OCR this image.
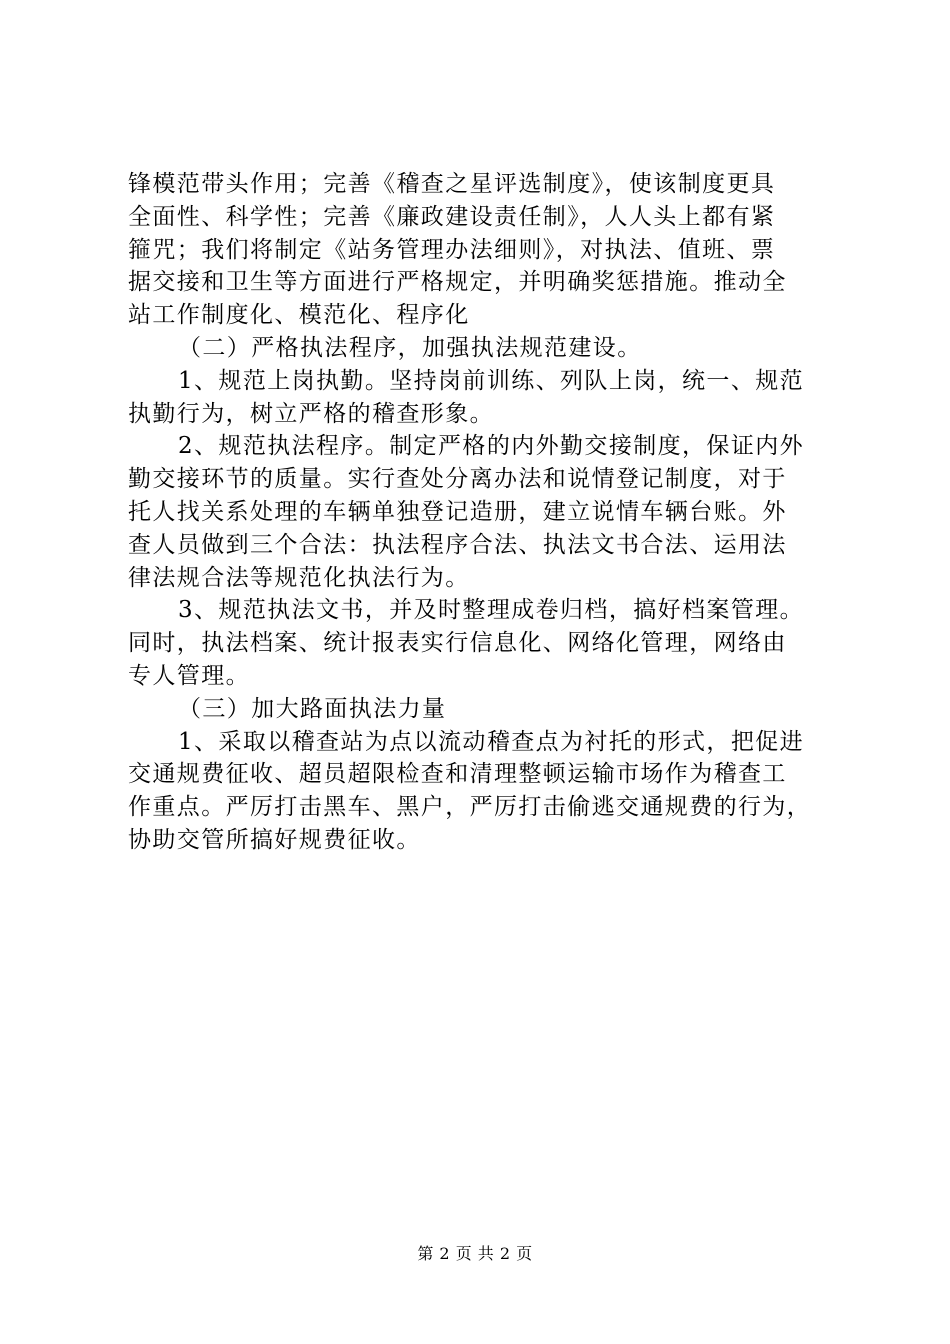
锋模范带头作用；完善《稽查之星评选制度》，使该制度更具
全面性、科学性；完善《廉政建设责任制》，人人头上都有紧
箍咒；我们将制定《站务管理办法细则》，对执法、值班、票
据交接和卫生等方面进行严格规定，并明确奖惩措施。推动全
站工作制度化、模范化、程序化
（二）严格执法程序，加强执法规范建设。
1、规范上岗执勤。坚持岗前训练、列队上岗，统一、规范
执勤行为，树立严格的稽查形象。
2、规范执法程序。制定严格的内外勤交接制度，保证内外
勤交接环节的质量。实行查处分离办法和说情登记制度，对于
托人找关系处理的车辆单独登记造册，建立说情车辆台账。外
查人员做到三个合法：执法程序合法、执法文书合法、运用法
律法规合法等规范化执法行为。
3、规范执法文书，并及时整理成卷归档，搞好档案管理。
同时，执法档案、统计报表实行信息化、网络化管理，网络由
专人管理。
（三）加大路面执法力量
1、采取以稽查站为点以流动稽查点为衬托的形式，把促进
交通规费征收、超员超限检查和清理整顿运输市场作为稽查工
作重点。严厉打击黑车、黑户，严厉打击偷逃交通规费的行为，
协助交管所搞好规费征收。
第 2 页 共 2 页
